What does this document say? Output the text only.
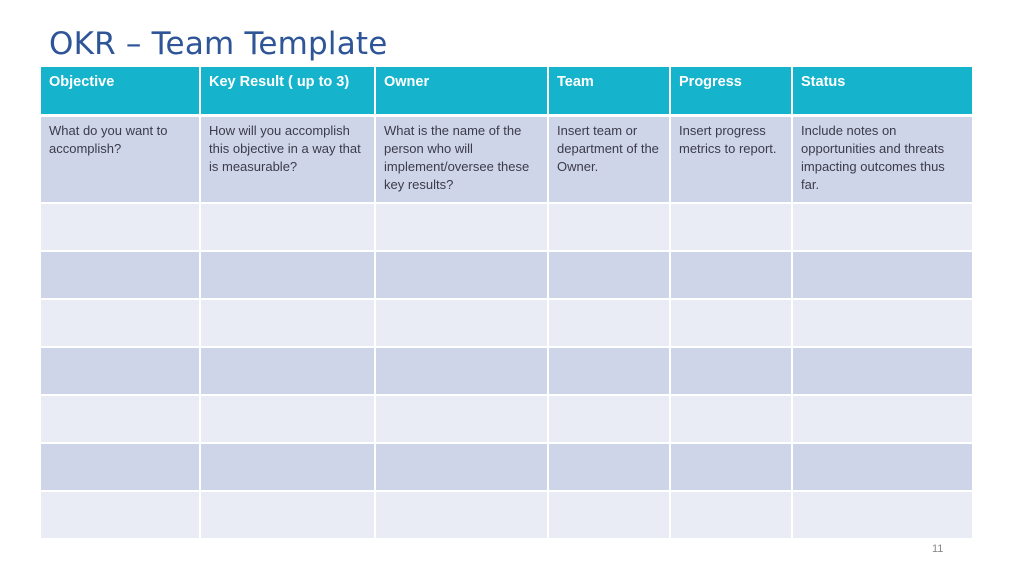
OKR – Team Template
Objective	Key Result ( up to 3)	Owner	Team	Progress	Status
What do you want to accomplish?	How will you accomplish this objective in a way that is measurable?	What is the name of the person who will implement/oversee these key results?	Insert team or department of the Owner.	Insert progress metrics to report.	Include notes on opportunities and threats impacting outcomes thus far.

11
